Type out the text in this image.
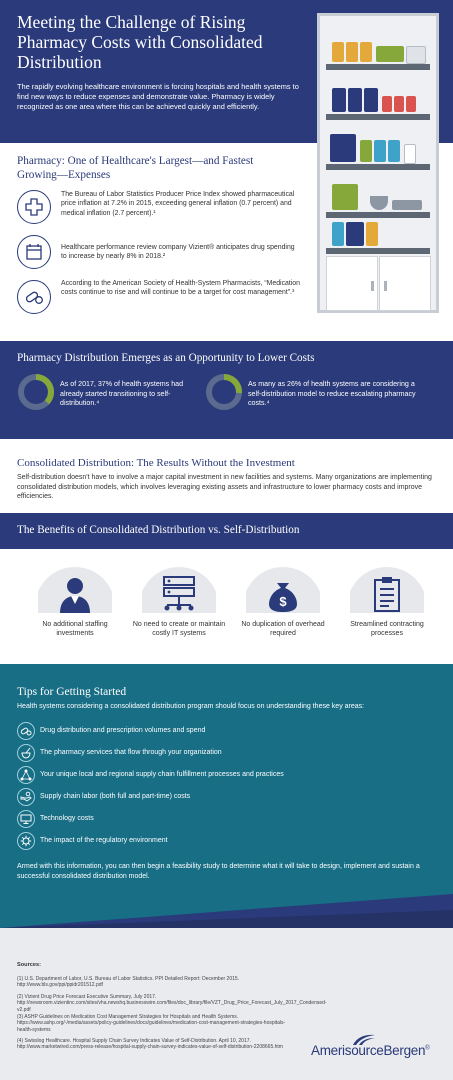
Meeting the Challenge of Rising Pharmacy Costs with Consolidated Distribution

The rapidly evolving healthcare environment is forcing hospitals and health systems to find new ways to reduce expenses and demonstrate value. Pharmacy is widely recognized as one area where this can be achieved quickly and efficiently.

Pharmacy: One of Healthcare's Largest—and Fastest Growing—Expenses
The Bureau of Labor Statistics Producer Price Index showed pharmaceutical price inflation at 7.2% in 2015, exceeding general inflation (0.7 percent) and medical inflation (2.7 percent).¹
Healthcare performance review company Vizient® anticipates drug spending to increase by nearly 8% in 2018.²
According to the American Society of Health-System Pharmacists, “Medication costs continue to rise and will continue to be a target for cost management”.³
Pharmacy Distribution Emerges as an Opportunity to Lower Costs
As of 2017, 37% of health systems had already started transitioning to self-distribution.⁴
As many as 26% of health systems are considering a self-distribution model to reduce escalating pharmacy costs.⁴
Consolidated Distribution: The Results Without the Investment

Self-distribution doesn't have to involve a major capital investment in new facilities and systems. Many organizations are implementing consolidated distribution models, which involves leveraging existing assets and infrastructure to lower pharmacy costs and improve efficiencies.

The Benefits of Consolidated Distribution vs. Self-Distribution
No additional staffing investments
No need to create or maintain costly IT systems
$
No duplication of overhead required
Streamlined contracting processes
Tips for Getting Started
Health systems considering a consolidated distribution program should focus on understanding these key areas:
Drug distribution and prescription volumes and spend
The pharmacy services that flow through your organization
Your unique local and regional supply chain fulfillment processes and practices
Supply chain labor (both full and part-time) costs
Technology costs
The impact of the regulatory environment
Armed with this information, you can then begin a feasibility study to determine what it will take to design, implement and sustain a successful consolidated distribution model.
Sources:
(1) U.S. Department of Labor, U.S. Bureau of Labor Statistics. PPI Detailed Report: December 2015. http://www.bls.gov/ppi/ppidr201512.pdf
(2) Vizient Drug Price Forecast Executive Summary, July 2017. http://newsroom.vizientinc.com/sites/vha.newshq.businesswire.com/files/doc_library/file/VZT_Drug_Price_Forecast_July_2017_Condensed-v2.pdf
(3) ASHP Guidelines on Medication Cost Management Strategies for Hospitals and Health Systems. https://www.ashp.org/-/media/assets/policy-guidelines/docs/guidelines/medication-cost-management-strategies-hospitals-health-systems
(4) Swisslog Healthcare. Hospital Supply Chain Survey Indicates Value of Self-Distribution. April 10, 2017. http://www.marketwired.com/press-release/hospital-supply-chain-survey-indicates-value-of-self-distribution-2208665.htm	AmerisourceBergen®
